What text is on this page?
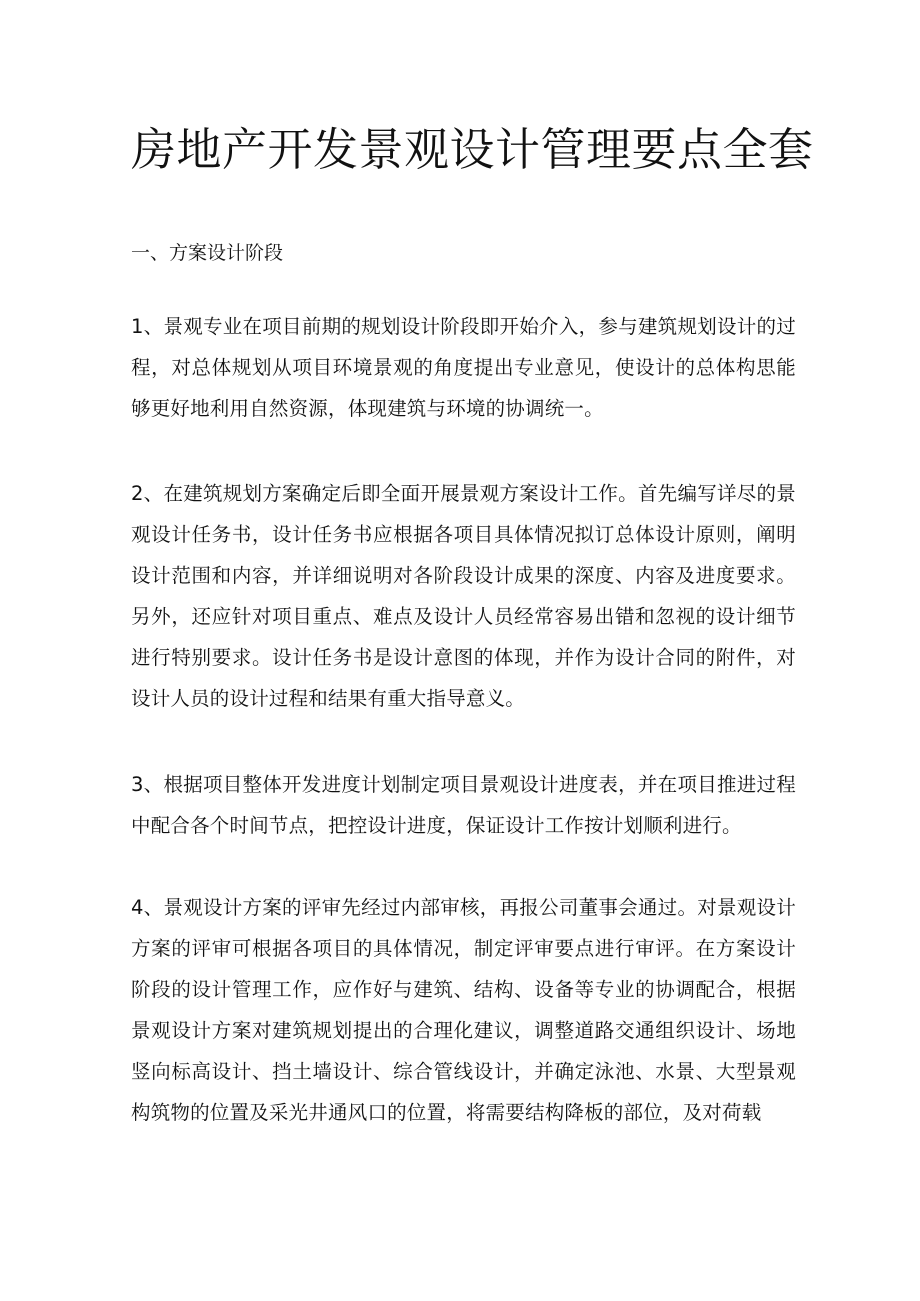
房地产开发景观设计管理要点全套
一、方案设计阶段

1、景观专业在项目前期的规划设计阶段即开始介入，参与建筑规划设计的过程，对总体规划从项目环境景观的角度提出专业意见，使设计的总体构思能够更好地利用自然资源，体现建筑与环境的协调统一。

2、在建筑规划方案确定后即全面开展景观方案设计工作。首先编写详尽的景观设计任务书，设计任务书应根据各项目具体情况拟订总体设计原则，阐明设计范围和内容，并详细说明对各阶段设计成果的深度、内容及进度要求。另外，还应针对项目重点、难点及设计人员经常容易出错和忽视的设计细节进行特别要求。设计任务书是设计意图的体现，并作为设计合同的附件，对设计人员的设计过程和结果有重大指导意义。

3、根据项目整体开发进度计划制定项目景观设计进度表，并在项目推进过程中配合各个时间节点，把控设计进度，保证设计工作按计划顺利进行。

4、景观设计方案的评审先经过内部审核，再报公司董事会通过。对景观设计方案的评审可根据各项目的具体情况，制定评审要点进行审评。在方案设计阶段的设计管理工作，应作好与建筑、结构、设备等专业的协调配合，根据景观设计方案对建筑规划提出的合理化建议，调整道路交通组织设计、场地竖向标高设计、挡土墙设计、综合管线设计，并确定泳池、水景、大型景观构筑物的位置及采光井通风口的位置，将需要结构降板的部位，及对荷载
